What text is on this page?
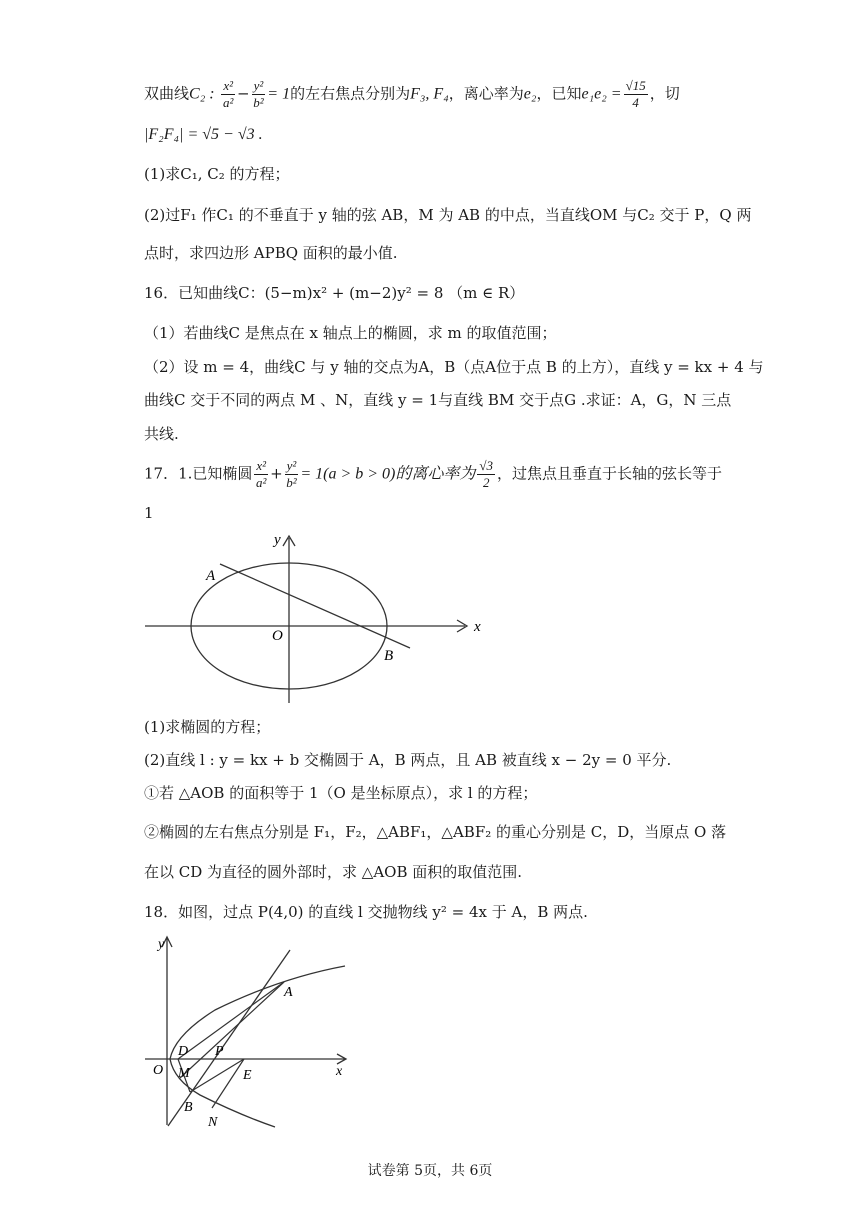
双曲线C₂ : $\frac{\text{x²}}{\text{a²}} - \frac{\text{y²}}{\text{b²}} = 1$的左右焦点分别为F₃, F₄，离心率为e₂，已知$e_1e_2 = \frac{√15}{4}$ ，切
|F₂F₄| = √5 − √3 .
(1)求C₁, C₂ 的方程；
(2)过F₁ 作C₁ 的不垂直于 y 轴的弦 AB，M 为 AB 的中点，当直线OM 与C₂ 交于 P，Q 两
点时，求四边形 APBQ 面积的最小值.
16．已知曲线C：(5−m)x² + (m−2)y² = 8 （m ∈ R）
（1）若曲线C 是焦点在 x 轴点上的椭圆，求 m 的取值范围；
（2）设 m = 4，曲线C 与 y 轴的交点为A，B（点A位于点 B 的上方），直线 y = kx + 4 与
曲线C 交于不同的两点 M 、N，直线 y = 1与直线 BM 交于点G .求证：A，G，N 三点
共线.
17．1.已知椭圆 $\frac{\text{x²}}{\text{a²}} + \frac{\text{y²}}{\text{b²}} = 1(a > b > 0)$的离心率为 $\frac{√3}{2}$ ，过焦点且垂直于长轴的弦长等于
1
A
B
O
x
y
(1)求椭圆的方程；
(2)直线 l : y = kx + b 交椭圆于 A，B 两点，且 AB 被直线 x − 2y = 0 平分.
①若 △AOB 的面积等于 1（O 是坐标原点），求 l 的方程；
②椭圆的左右焦点分别是 F₁，F₂，△ABF₁，△ABF₂ 的重心分别是 C，D，当原点 O 落
在以 CD 为直径的圆外部时，求 △AOB 面积的取值范围.
18．如图，过点 P(4,0) 的直线 l 交抛物线 y² = 4x 于 A，B 两点.
y
x
A
D P
O M	E
B
N
试卷第 5页，共 6页
